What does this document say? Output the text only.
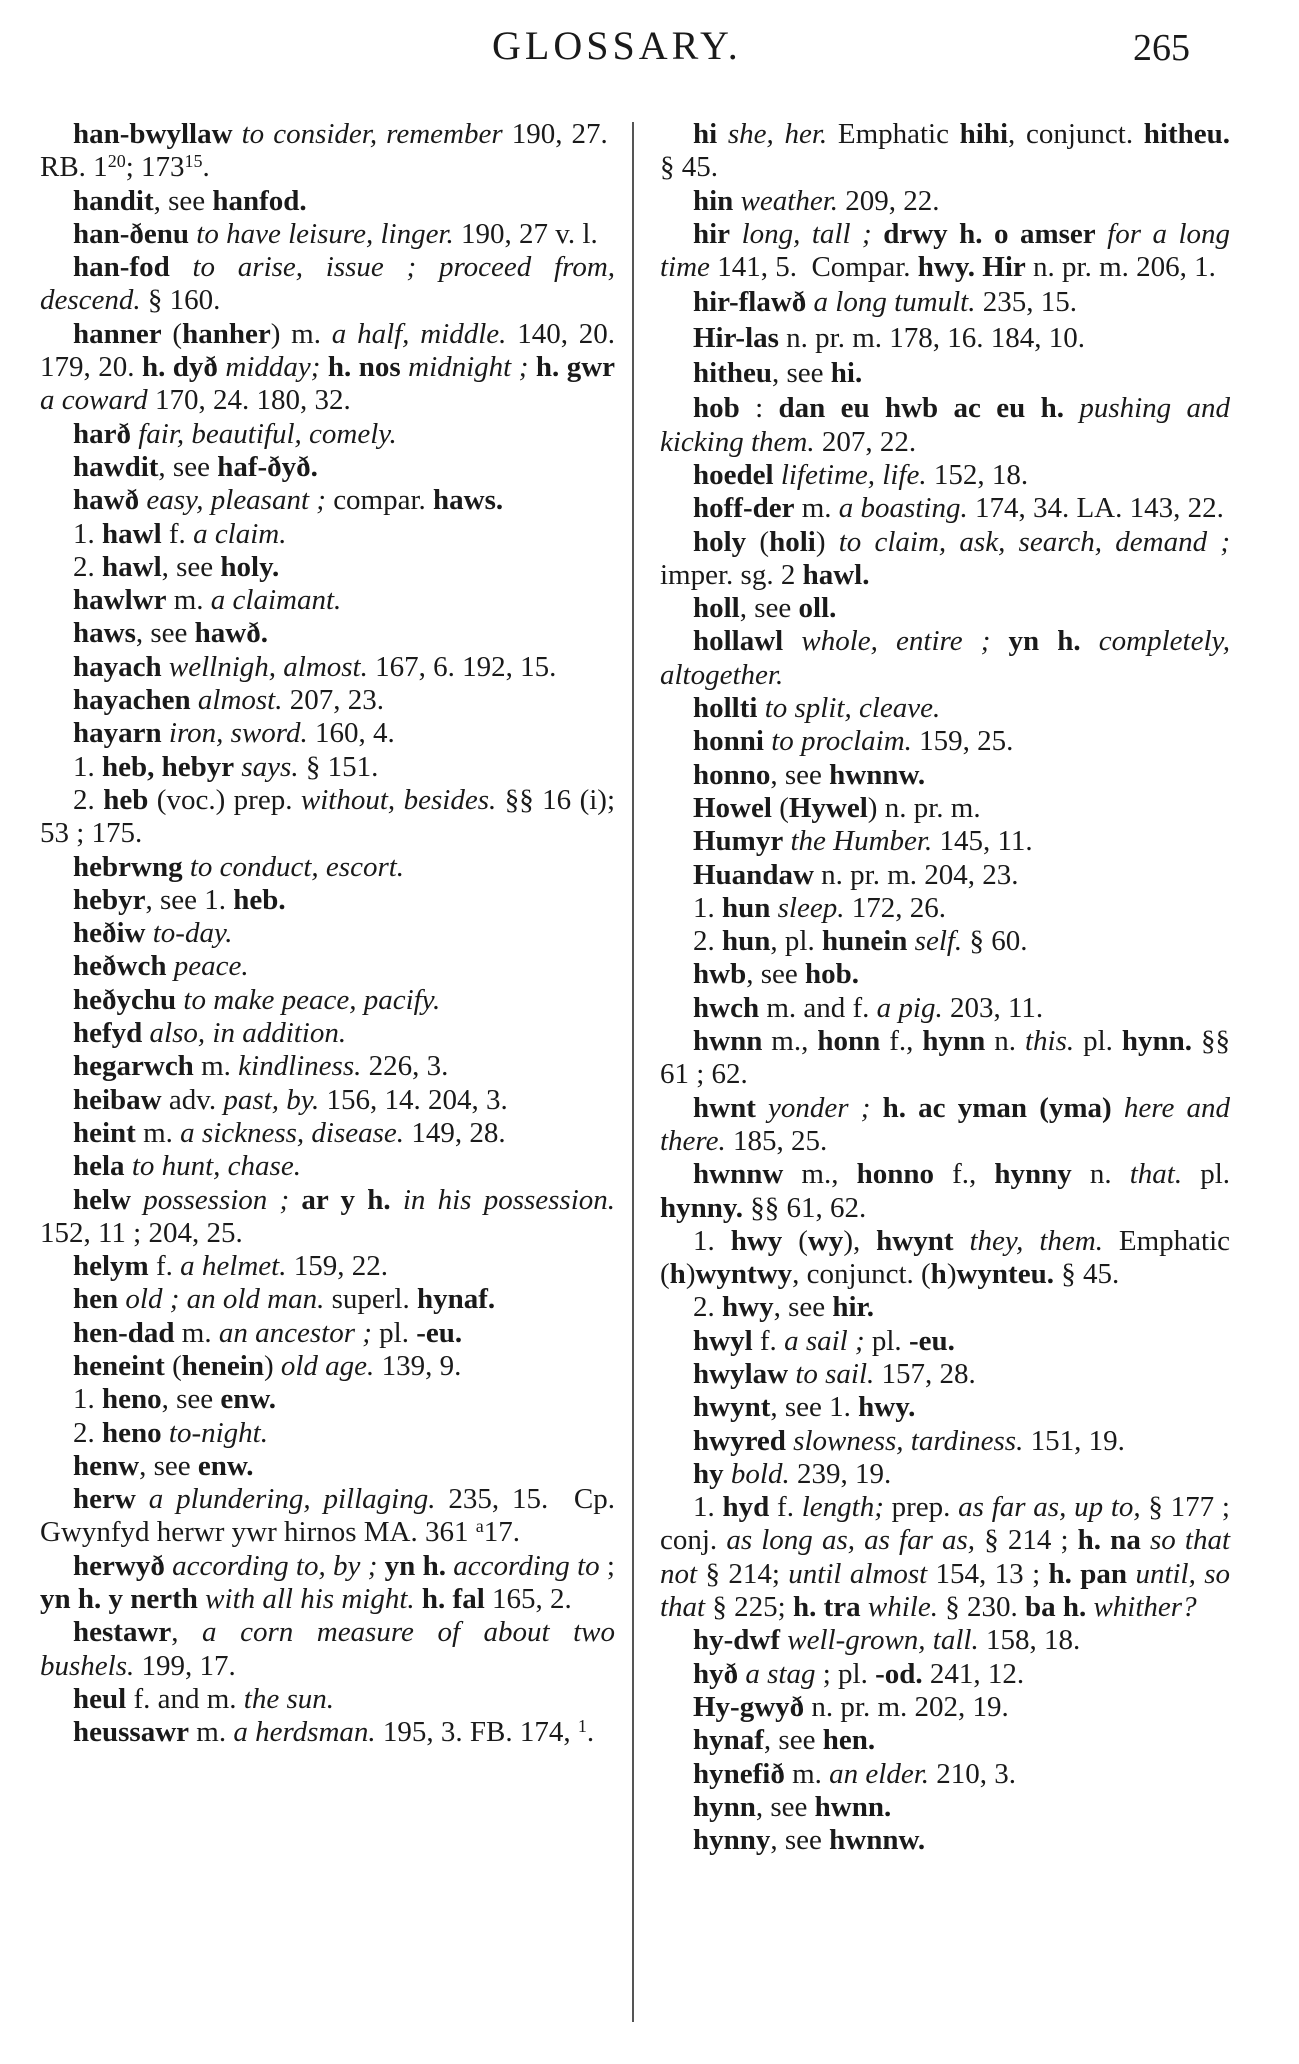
GLOSSARY.	265

han-bwyllaw to consider, remember 190, 27.  RB. $1^{20}$; $173^{15}$.

handit, see hanfod.

han-ðenu to have leisure, linger. 190, 27 v. l.

han-fod to arise, issue ; proceed from, descend. § 160.

hanner (hanher) m. a half, middle. 140, 20. 179, 20. h. dyð midday; h. nos midnight ; h. gwr a coward 170, 24. 180, 32.

harð fair, beautiful, comely.

hawdit, see haf-ðyð.

hawð easy, pleasant ; compar. haws.

1. hawl f. a claim.

2. hawl, see holy.

hawlwr m. a claimant.

haws, see hawð.

hayach wellnigh, almost. 167, 6. 192, 15.

hayachen almost. 207, 23.

hayarn iron, sword. 160, 4.

1. heb, hebyr says. § 151.

2. heb (voc.) prep. without, besides. §§ 16 (i); 53 ; 175.

hebrwng to conduct, escort.

hebyr, see 1. heb.

heðiw to-day.

heðwch peace.

heðychu to make peace, pacify.

hefyd also, in addition.

hegarwch m. kindliness. 226, 3.

heibaw adv. past, by. 156, 14. 204, 3.

heint m. a sickness, disease. 149, 28.

hela to hunt, chase.

helw possession ; ar y h. in his possession. 152, 11 ; 204, 25.

helym f. a helmet. 159, 22.

hen old ; an old man. superl. hynaf.

hen-dad m. an ancestor ; pl. -eu.

heneint (henein) old age. 139, 9.

1. heno, see enw.

2. heno to-night.

henw, see enw.

herw a plundering, pillaging. 235, 15.  Cp. Gwynfyd herwr ywr hirnos MA. 361 $^a$17.

herwyð according to, by ; yn h. according to ; yn h. y nerth with all his might. h. fal 165, 2.

hestawr, a corn measure of about two bushels. 199, 17.

heul f. and m. the sun.

heussawr m. a herdsman. 195, 3. FB. 174, $^1$.

hi she, her. Emphatic hihi, conjunct. hitheu. § 45.

hin weather. 209, 22.

hir long, tall ; drwy h. o amser for a long time 141, 5.  Compar. hwy. Hir n. pr. m. 206, 1.

hir-flawð a long tumult. 235, 15.

Hir-las n. pr. m. 178, 16. 184, 10.

hitheu, see hi.

hob : dan eu hwb ac eu h. pushing and kicking them. 207, 22.

hoedel lifetime, life. 152, 18.

hoff-der m. a boasting. 174, 34. LA. 143, 22.

holy (holi) to claim, ask, search, demand ; imper. sg. 2 hawl.

holl, see oll.

hollawl whole, entire ; yn h. completely, altogether.

hollti to split, cleave.

honni to proclaim. 159, 25.

honno, see hwnnw.

Howel (Hywel) n. pr. m.

Humyr the Humber. 145, 11.

Huandaw n. pr. m. 204, 23.

1. hun sleep. 172, 26.

2. hun, pl. hunein self. § 60.

hwb, see hob.

hwch m. and f. a pig. 203, 11.

hwnn m., honn f., hynn n. this. pl. hynn. §§ 61 ; 62.

hwnt yonder ; h. ac yman (yma) here and there. 185, 25.

hwnnw m., honno f., hynny n. that. pl. hynny. §§ 61, 62.

1. hwy (wy), hwynt they, them. Emphatic (h)wyntwy, conjunct. (h)wynteu. § 45.

2. hwy, see hir.

hwyl f. a sail ; pl. -eu.

hwylaw to sail. 157, 28.

hwynt, see 1. hwy.

hwyred slowness, tardiness. 151, 19.

hy bold. 239, 19.

1. hyd f. length; prep. as far as, up to, § 177 ; conj. as long as, as far as, § 214 ; h. na so that not § 214; until almost 154, 13 ; h. pan until, so that § 225; h. tra while. § 230. ba h. whither?

hy-dwf well-grown, tall. 158, 18.

hyð a stag ; pl. -od. 241, 12.

Hy-gwyð n. pr. m. 202, 19.

hynaf, see hen.

hynefið m. an elder. 210, 3.

hynn, see hwnn.

hynny, see hwnnw.
